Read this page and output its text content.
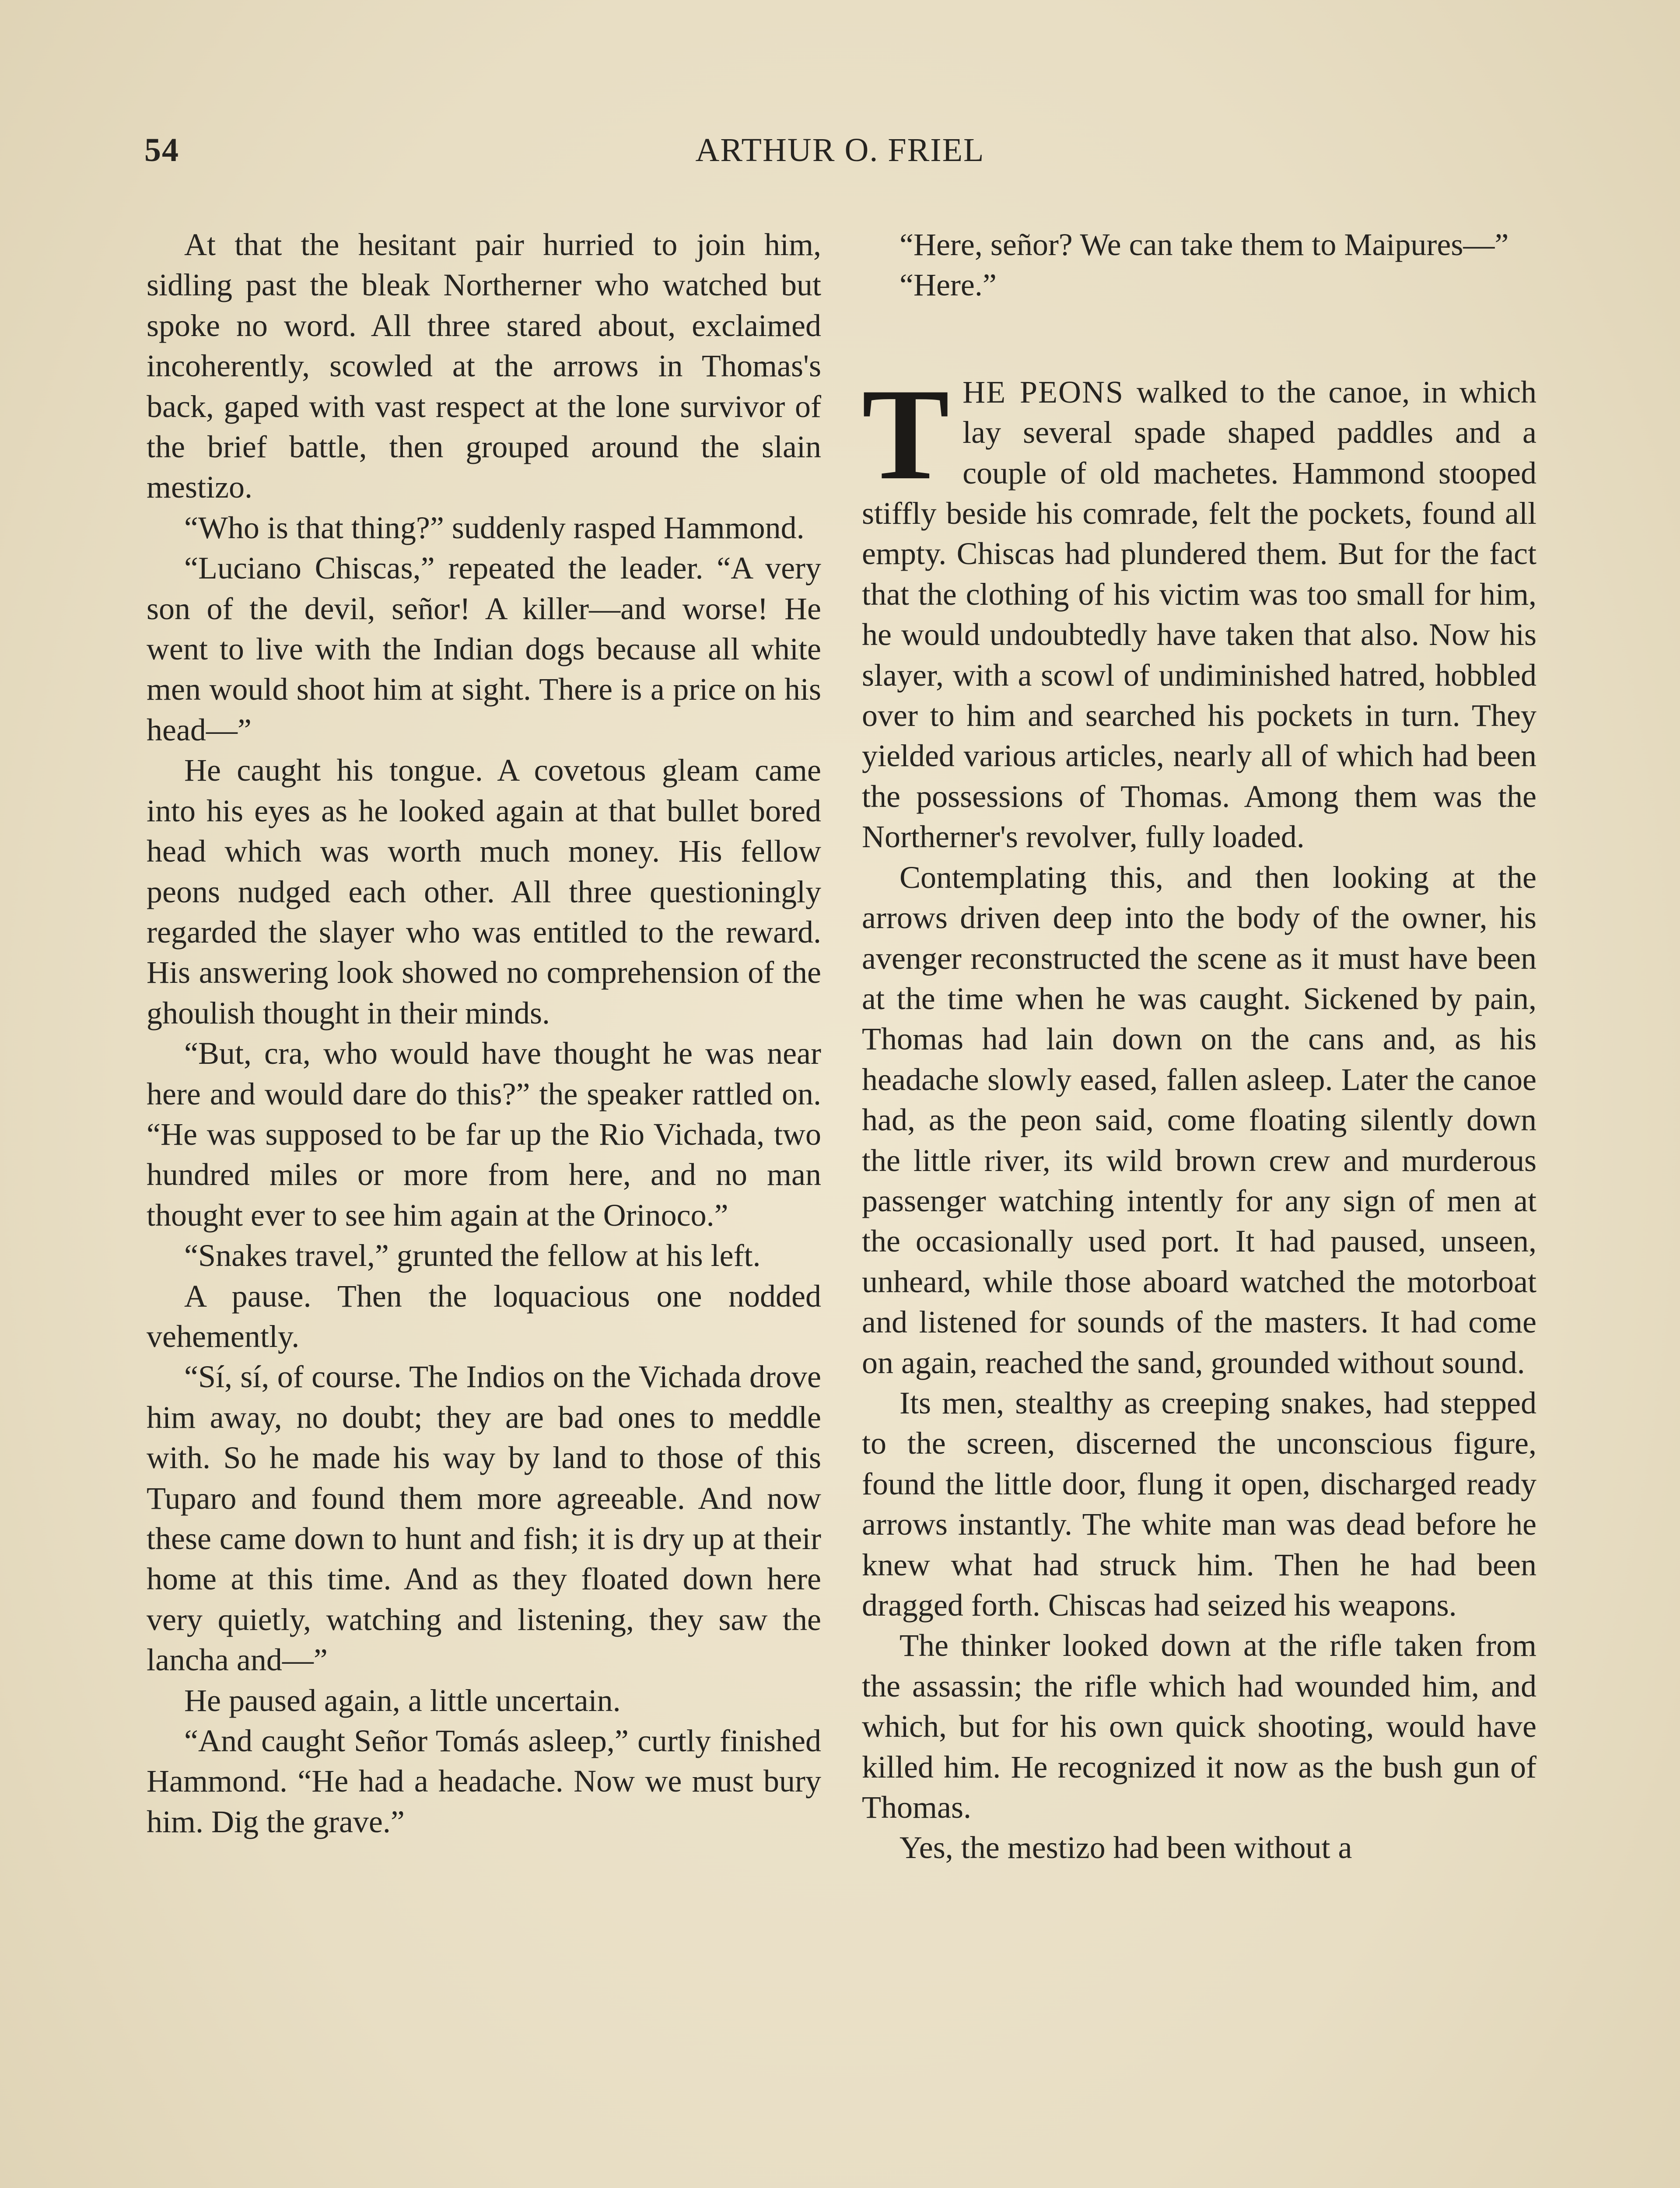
54	ARTHUR O. FRIEL

At that the hesitant pair hurried to join him, sidling past the bleak Northerner who watched but spoke no word. All three stared about, exclaimed incoherently, scowled at the arrows in Thomas's back, gaped with vast respect at the lone survivor of the brief battle, then grouped around the slain mestizo.

“Who is that thing?” suddenly rasped Hammond.

“Luciano Chiscas,” repeated the leader. “A very son of the devil, señor! A killer—and worse! He went to live with the Indian dogs because all white men would shoot him at sight. There is a price on his head—”

He caught his tongue. A covetous gleam came into his eyes as he looked again at that bullet bored head which was worth much money. His fellow peons nudged each other. All three questioningly regarded the slayer who was entitled to the reward. His answering look showed no comprehension of the ghoulish thought in their minds.

“But, cra, who would have thought he was near here and would dare do this?” the speaker rattled on. “He was supposed to be far up the Rio Vichada, two hundred miles or more from here, and no man thought ever to see him again at the Orinoco.”

“Snakes travel,” grunted the fellow at his left.

A pause. Then the loquacious one nodded vehemently.

“Sí, sí, of course. The Indios on the Vichada drove him away, no doubt; they are bad ones to meddle with. So he made his way by land to those of this Tuparo and found them more agreeable. And now these came down to hunt and fish; it is dry up at their home at this time. And as they floated down here very quietly, watching and listening, they saw the lancha and—”

He paused again, a little uncertain.

“And caught Señor Tomás asleep,” curtly finished Hammond. “He had a headache. Now we must bury him. Dig the grave.”

“Here, señor? We can take them to Maipures—”

“Here.”

THE PEONS walked to the canoe, in which lay several spade shaped paddles and a couple of old machetes. Hammond stooped stiffly beside his comrade, felt the pockets, found all empty. Chiscas had plundered them. But for the fact that the clothing of his victim was too small for him, he would undoubtedly have taken that also. Now his slayer, with a scowl of undiminished hatred, hobbled over to him and searched his pockets in turn. They yielded various articles, nearly all of which had been the possessions of Thomas. Among them was the Northerner's revolver, fully loaded.

Contemplating this, and then looking at the arrows driven deep into the body of the owner, his avenger reconstructed the scene as it must have been at the time when he was caught. Sickened by pain, Thomas had lain down on the cans and, as his headache slowly eased, fallen asleep. Later the canoe had, as the peon said, come floating silently down the little river, its wild brown crew and murderous passenger watching intently for any sign of men at the occasionally used port. It had paused, unseen, unheard, while those aboard watched the motorboat and listened for sounds of the masters. It had come on again, reached the sand, grounded without sound.

Its men, stealthy as creeping snakes, had stepped to the screen, discerned the unconscious figure, found the little door, flung it open, discharged ready arrows instantly. The white man was dead before he knew what had struck him. Then he had been dragged forth. Chiscas had seized his weapons.

The thinker looked down at the rifle taken from the assassin; the rifle which had wounded him, and which, but for his own quick shooting, would have killed him. He recognized it now as the bush gun of Thomas.

Yes, the mestizo had been without a
